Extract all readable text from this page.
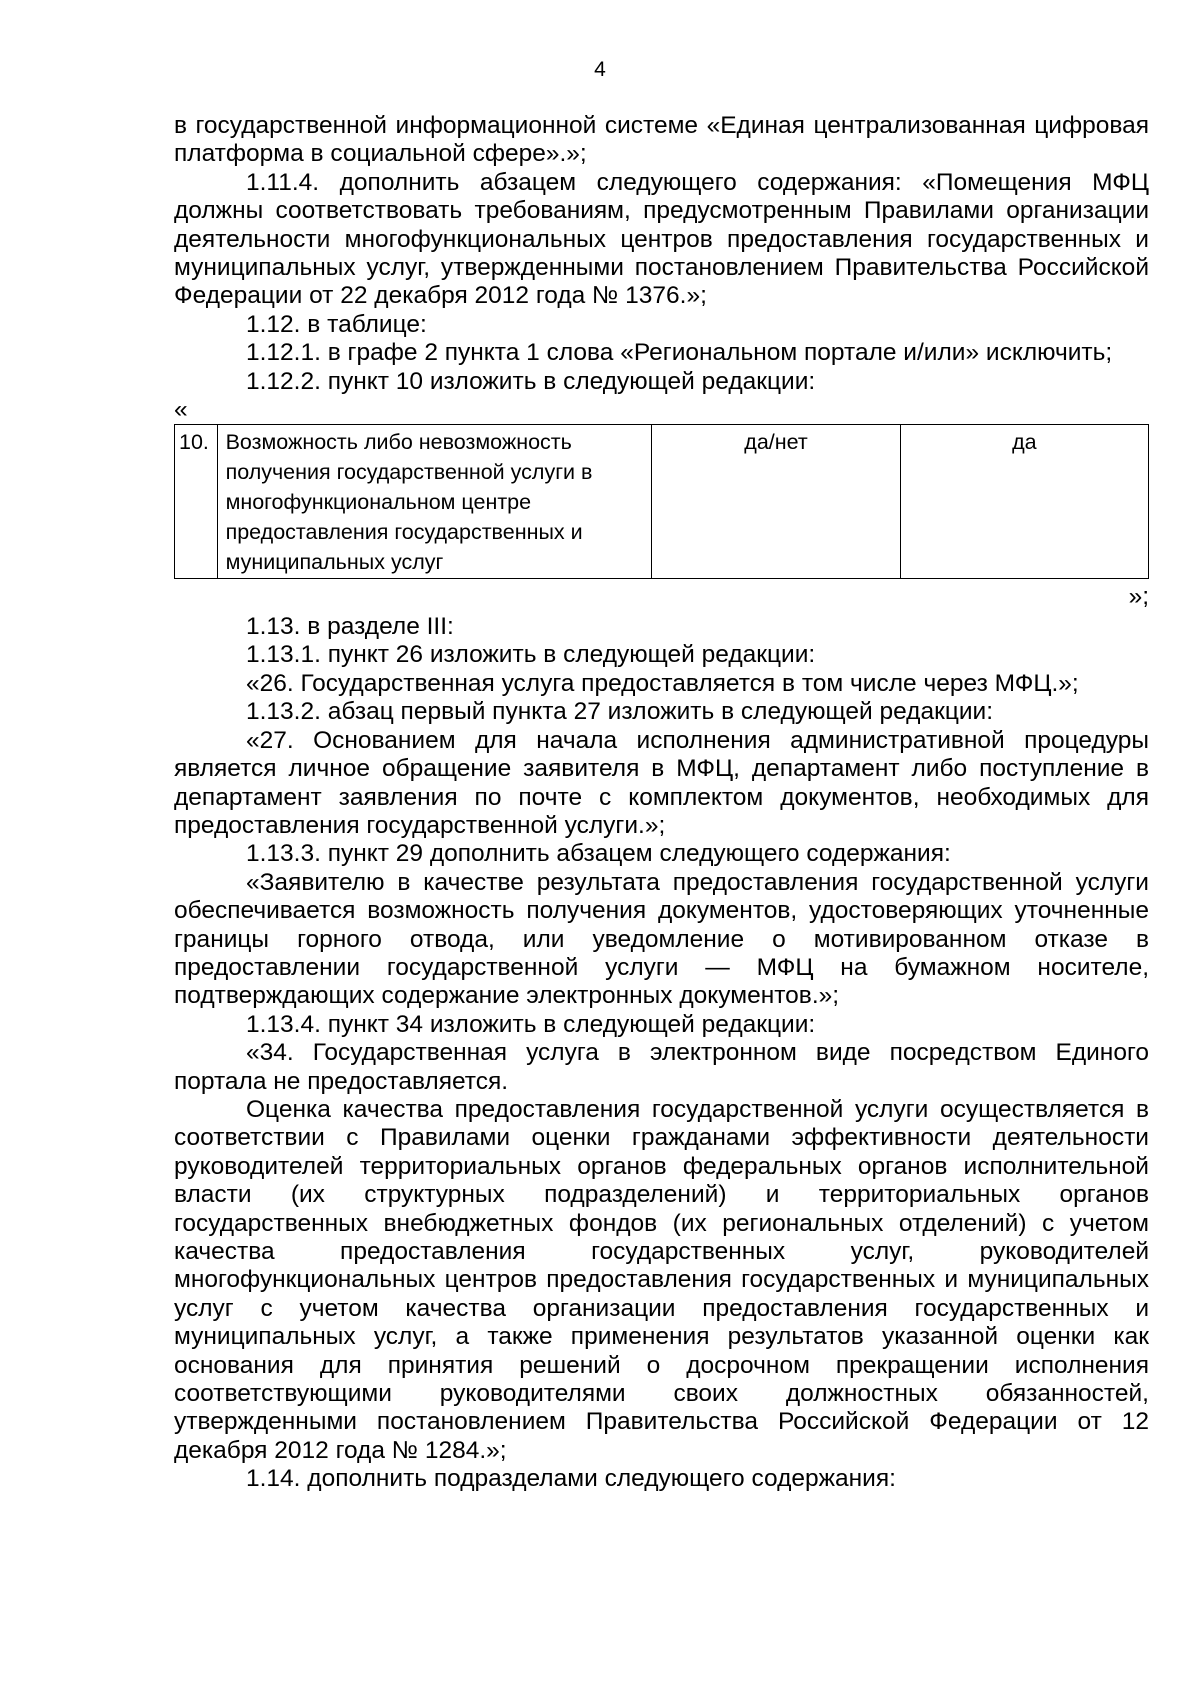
4

в государственной информационной системе «Единая централизованная цифровая платформа в социальной сфере».»;

1.11.4. дополнить абзацем следующего содержания: «Помещения МФЦ должны соответствовать требованиям, предусмотренным Правилами организации деятельности многофункциональных центров предоставления государственных и муниципальных услуг, утвержденными постановлением Правительства Российской Федерации от 22 декабря 2012 года № 1376.»;

1.12. в таблице:

1.12.1. в графе 2 пункта 1 слова «Региональном портале и/или» исключить;

1.12.2. пункт 10 изложить в следующей редакции:

«

10.	Возможность либо невозможность получения государственной услуги в многофункциональном центре предоставления государственных и муниципальных услуг	да/нет	да

»;

1.13. в разделе III:

1.13.1. пункт 26 изложить в следующей редакции:

«26. Государственная услуга предоставляется в том числе через МФЦ.»;

1.13.2. абзац первый пункта 27 изложить в следующей редакции:

«27. Основанием для начала исполнения административной процедуры является личное обращение заявителя в МФЦ, департамент либо поступление в департамент заявления по почте с комплектом документов, необходимых для предоставления государственной услуги.»;

1.13.3. пункт 29 дополнить абзацем следующего содержания:

«Заявителю в качестве результата предоставления государственной услуги обеспечивается возможность получения документов, удостоверяющих уточненные границы горного отвода, или уведомление о мотивированном отказе в предоставлении государственной услуги — МФЦ на бумажном носителе, подтверждающих содержание электронных документов.»;

1.13.4. пункт 34 изложить в следующей редакции:

«34. Государственная услуга в электронном виде посредством Единого портала не предоставляется.

Оценка качества предоставления государственной услуги осуществляется в соответствии с Правилами оценки гражданами эффективности деятельности руководителей территориальных органов федеральных органов исполнительной власти (их структурных подразделений) и территориальных органов государственных внебюджетных фондов (их региональных отделений) с учетом качества предоставления государственных услуг, руководителей многофункциональных центров предоставления государственных и муниципальных услуг с учетом качества организации предоставления государственных и муниципальных услуг, а также применения результатов указанной оценки как основания для принятия решений о досрочном прекращении исполнения соответствующими руководителями своих должностных обязанностей, утвержденными постановлением Правительства Российской Федерации от 12 декабря 2012 года № 1284.»;

1.14. дополнить подразделами следующего содержания:
